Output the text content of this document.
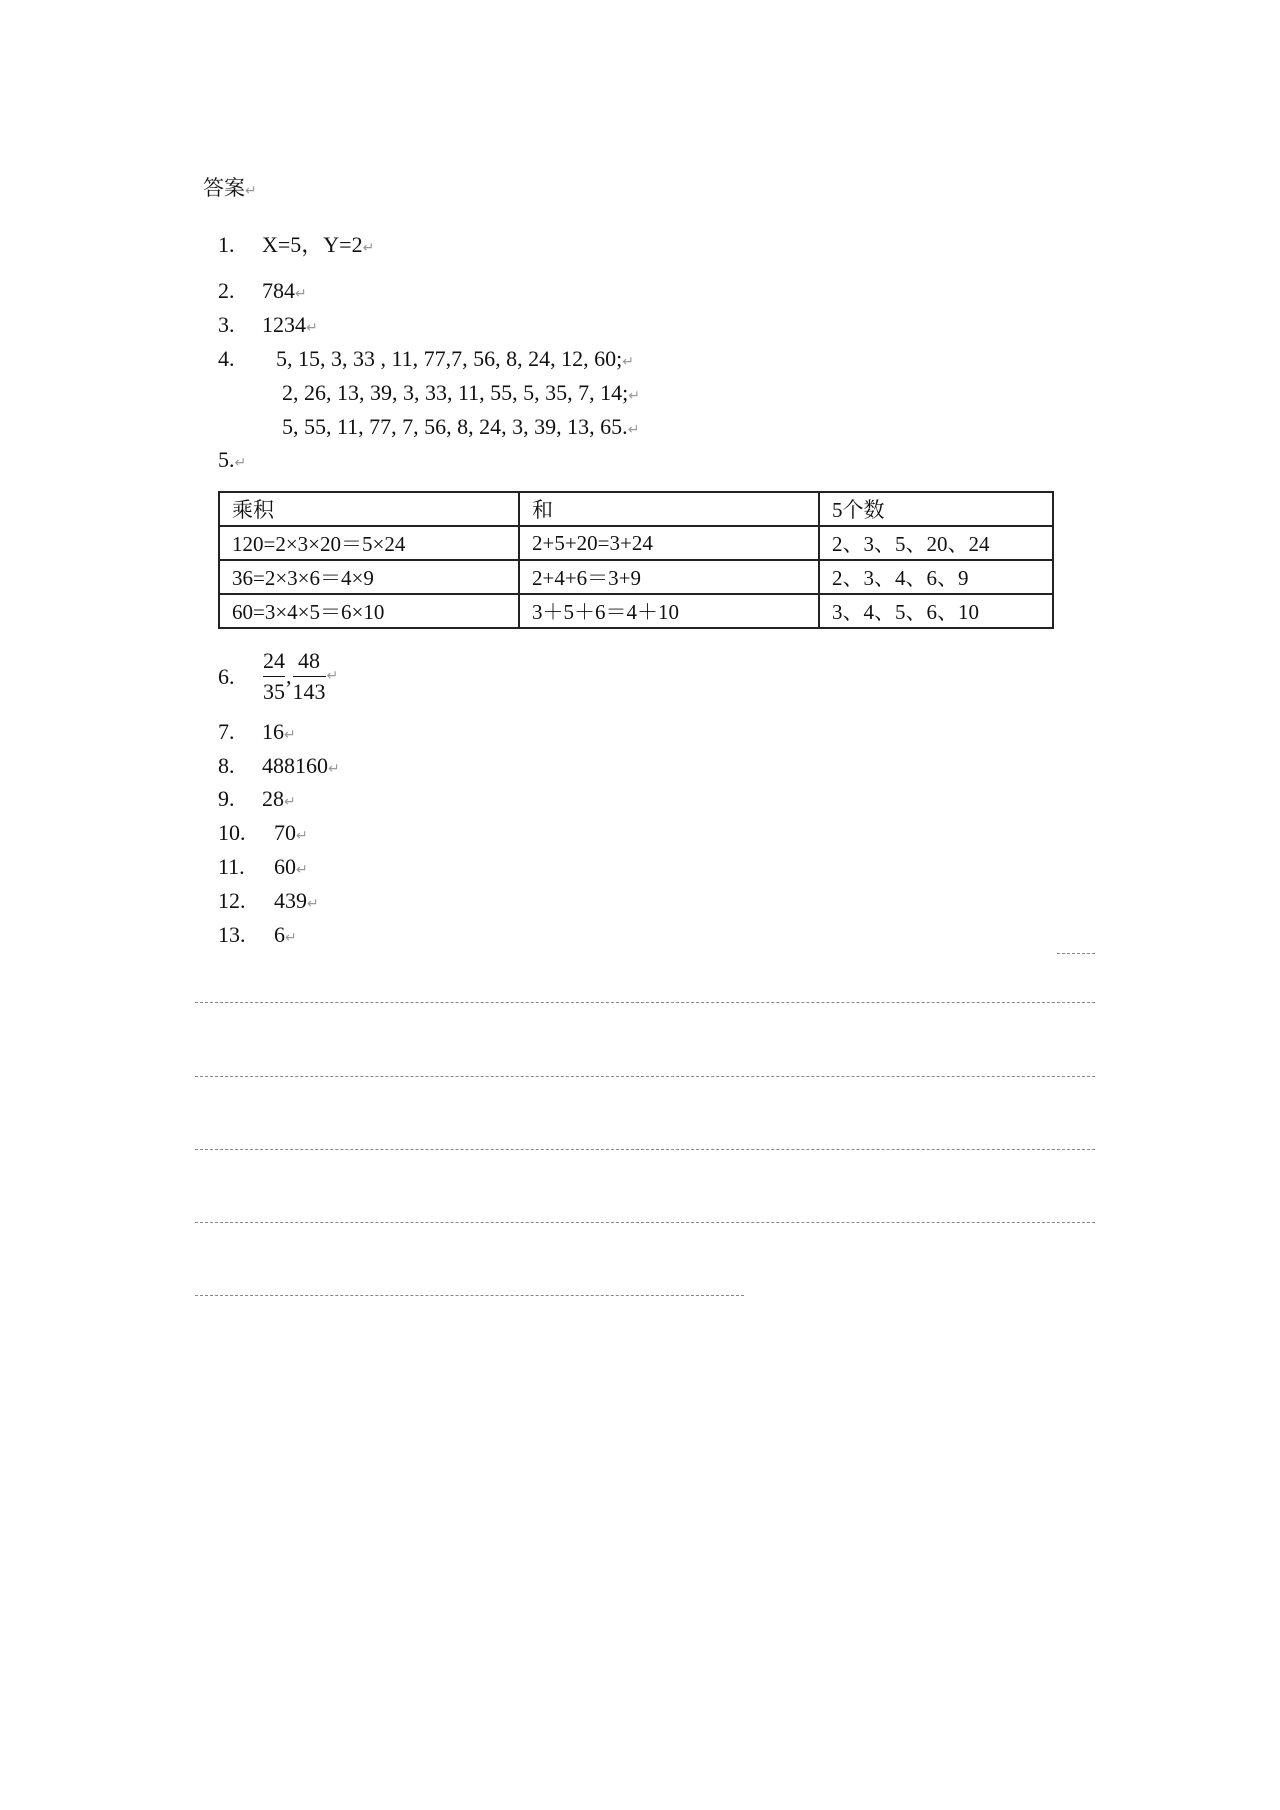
答案↵
1. X=5，Y=2↵
2. 784↵
3. 1234↵
4. 5, 15, 3, 33 , 11, 77,7, 56, 8, 24, 12, 60;↵
2, 26, 13, 39, 3, 33, 11, 55, 5, 35, 7, 14;↵
5, 55, 11, 77, 7, 56, 8, 24, 3, 39, 13, 65.↵
5.↵
乘积	和	5个数
120=2×3×20＝5×24	2+5+20=3+24	2、3、5、20、24
36=2×3×6＝4×9	2+4+6＝3+9	2、3、4、6、9
60=3×4×5＝6×10	3＋5＋6＝4＋10	3、4、5、6、10
6. $\frac{24}{35}$ , $\frac{48}{143}$ ↵
7. 16↵
8. 488160↵
9. 28↵
10. 70↵
11. 60↵
12. 439↵
13. 6↵
